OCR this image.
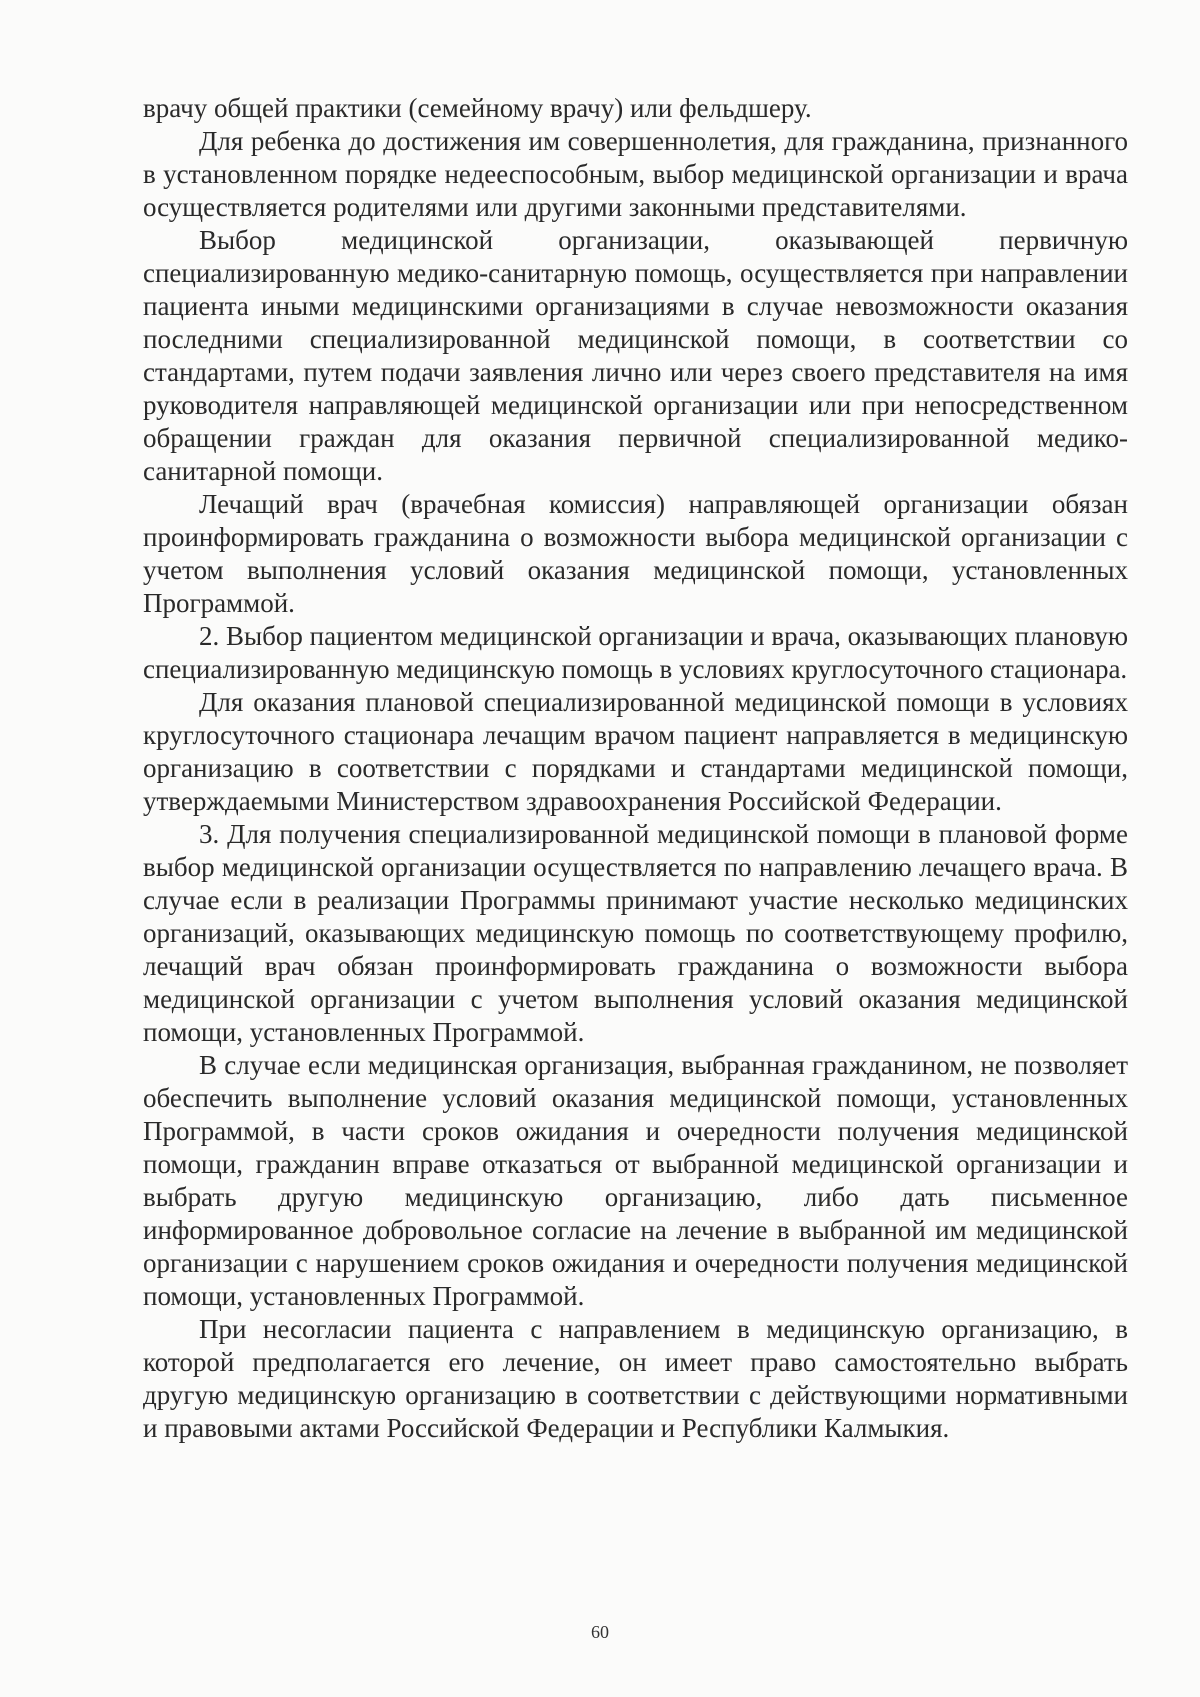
врачу общей практики (семейному врачу) или фельдшеру.

Для ребенка до достижения им совершеннолетия, для гражданина, признанного в установленном порядке недееспособным, выбор медицинской организации и врача осуществляется родителями или другими законными представителями.

Выбор медицинской организации, оказывающей первичную специализированную медико-санитарную помощь, осуществляется при направлении пациента иными медицинскими организациями в случае невозможности оказания последними специализированной медицинской помощи, в соответствии со стандартами, путем подачи заявления лично или через своего представителя на имя руководителя направляющей медицинской организации или при непосредственном обращении граждан для оказания первичной специализированной медико-санитарной помощи.

Лечащий врач (врачебная комиссия) направляющей организации обязан проинформировать гражданина о возможности выбора медицинской организации с учетом выполнения условий оказания медицинской помощи, установленных Программой.

2. Выбор пациентом медицинской организации и врача, оказывающих плановую специализированную медицинскую помощь в условиях круглосуточного стационара.

Для оказания плановой специализированной медицинской помощи в условиях круглосуточного стационара лечащим врачом пациент направляется в медицинскую организацию в соответствии с порядками и стандартами медицинской помощи, утверждаемыми Министерством здравоохранения Российской Федерации.

3. Для получения специализированной медицинской помощи в плановой форме выбор медицинской организации осуществляется по направлению лечащего врача. В случае если в реализации Программы принимают участие несколько медицинских организаций, оказывающих медицинскую помощь по соответствующему профилю, лечащий врач обязан проинформировать гражданина о возможности выбора медицинской организации с учетом выполнения условий оказания медицинской помощи, установленных Программой.

В случае если медицинская организация, выбранная гражданином, не позволяет обеспечить выполнение условий оказания медицинской помощи, установленных Программой, в части сроков ожидания и очередности получения медицинской помощи, гражданин вправе отказаться от выбранной медицинской организации и выбрать другую медицинскую организацию, либо дать письменное информированное добровольное согласие на лечение в выбранной им медицинской организации с нарушением сроков ожидания и очередности получения медицинской помощи, установленных Программой.

При несогласии пациента с направлением в медицинскую организацию, в которой предполагается его лечение, он имеет право самостоятельно выбрать другую медицинскую организацию в соответствии с действующими нормативными и правовыми актами Российской Федерации и Республики Калмыкия.

60
